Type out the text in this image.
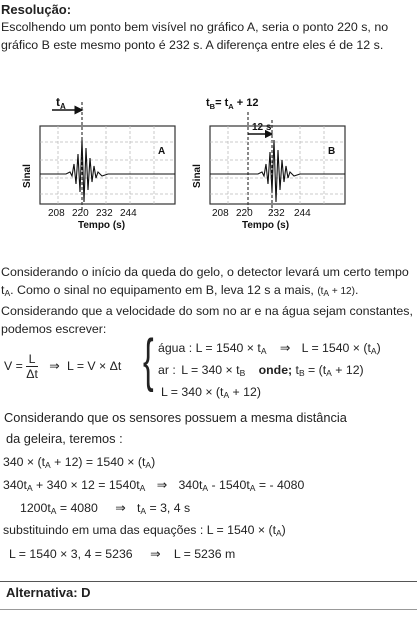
Resolução:
Escolhendo um ponto bem visível no gráfico A, seria o ponto 220 s, no gráfico B este mesmo ponto é 232 s. A diferença entre eles é de 12 s.
$t_A$
A
Sinal
208 220 232 244
Tempo (s)
$t_B= t_A + 12$
12 s
B
Sinal
208 220 232 244
Tempo (s)
Considerando o início da queda do gelo, o detector levará um certo tempo $t_A$. Como o sinal no equipamento em B, leva 12 s a mais, $(t_A + 12)$. Considerando que a velocidade do som no ar e na água sejam constantes, podemos escrever:
$V = \frac{L}{\Delta t}$ ⇒ L = V × Δt { água : $L = 1540 \times t_A$ ⇒ $L = 1540 \times (t_A)$
ar : $L = 340 \times t_B$ onde; $t_B = (t_A + 12)$
$L = 340 \times (t_A + 12)$
Considerando que os sensores possuem a mesma distância
da geleira, teremos :
$340 \times (t_A + 12) = 1540 \times (t_A)$
$340t_A + 340 \times 12 = 1540t_A$ ⇒ $340t_A - 1540t_A$ = - 4080
$1200t_A = 4080$ ⇒ $t_A = 3$, 4 s
substituindo em uma das equações : $L = 1540 \times (t_A)$
L = 1540 × 3, 4 = 5236 ⇒ L = 5236 m
Alternativa: D
